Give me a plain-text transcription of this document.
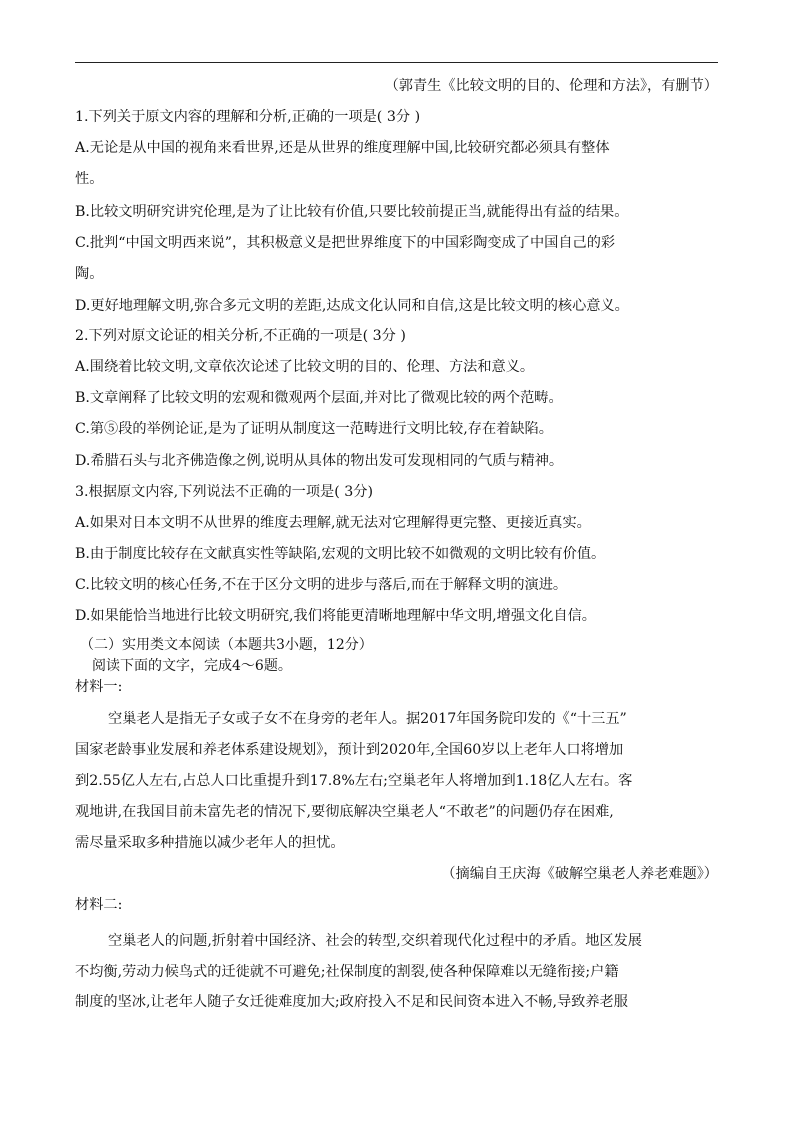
（郭青生《比较文明的目的、伦理和方法》，有删节）
1.下列关于原文内容的理解和分析,正确的一项是( 3分 )
A.无论是从中国的视角来看世界,还是从世界的维度理解中国,比较研究都必须具有整体
性。
B.比较文明研究讲究伦理,是为了让比较有价值,只要比较前提正当,就能得出有益的结果。
C.批判“中国文明西来说”，其积极意义是把世界维度下的中国彩陶变成了中国自己的彩
陶。
D.更好地理解文明,弥合多元文明的差距,达成文化认同和自信,这是比较文明的核心意义。
2.下列对原文论证的相关分析,不正确的一项是( 3分 )
A.围绕着比较文明,文章依次论述了比较文明的目的、伦理、方法和意义。
B.文章阐释了比较文明的宏观和微观两个层面,并对比了微观比较的两个范畴。
C.第⑤段的举例论证,是为了证明从制度这一范畴进行文明比较,存在着缺陷。
D.希腊石头与北齐佛造像之例,说明从具体的物出发可发现相同的气质与精神。
3.根据原文内容,下列说法不正确的一项是( 3分)
A.如果对日本文明不从世界的维度去理解,就无法对它理解得更完整、更接近真实。
B.由于制度比较存在文献真实性等缺陷,宏观的文明比较不如微观的文明比较有价值。
C.比较文明的核心任务,不在于区分文明的进步与落后,而在于解释文明的演进。
D.如果能恰当地进行比较文明研究,我们将能更清晰地理解中华文明,增强文化自信。
（二）实用类文本阅读（本题共3小题，12分）
阅读下面的文字，完成4～6题。
材料一:
空巢老人是指无子女或子女不在身旁的老年人。据2017年国务院印发的《“十三五”
国家老龄事业发展和养老体系建设规划》，预计到2020年,全国60岁以上老年人口将增加
到2.55亿人左右,占总人口比重提升到17.8%左右;空巢老年人将增加到1.18亿人左右。客
观地讲,在我国目前未富先老的情况下,要彻底解决空巢老人“不敢老”的问题仍存在困难,
需尽量采取多种措施以减少老年人的担忧。
（摘编自王庆海《破解空巢老人养老难题》）
材料二:
空巢老人的问题,折射着中国经济、社会的转型,交织着现代化过程中的矛盾。地区发展
不均衡,劳动力候鸟式的迁徙就不可避免;社保制度的割裂,使各种保障难以无缝衔接;户籍
制度的坚冰,让老年人随子女迁徙难度加大;政府投入不足和民间资本进入不畅,导致养老服
